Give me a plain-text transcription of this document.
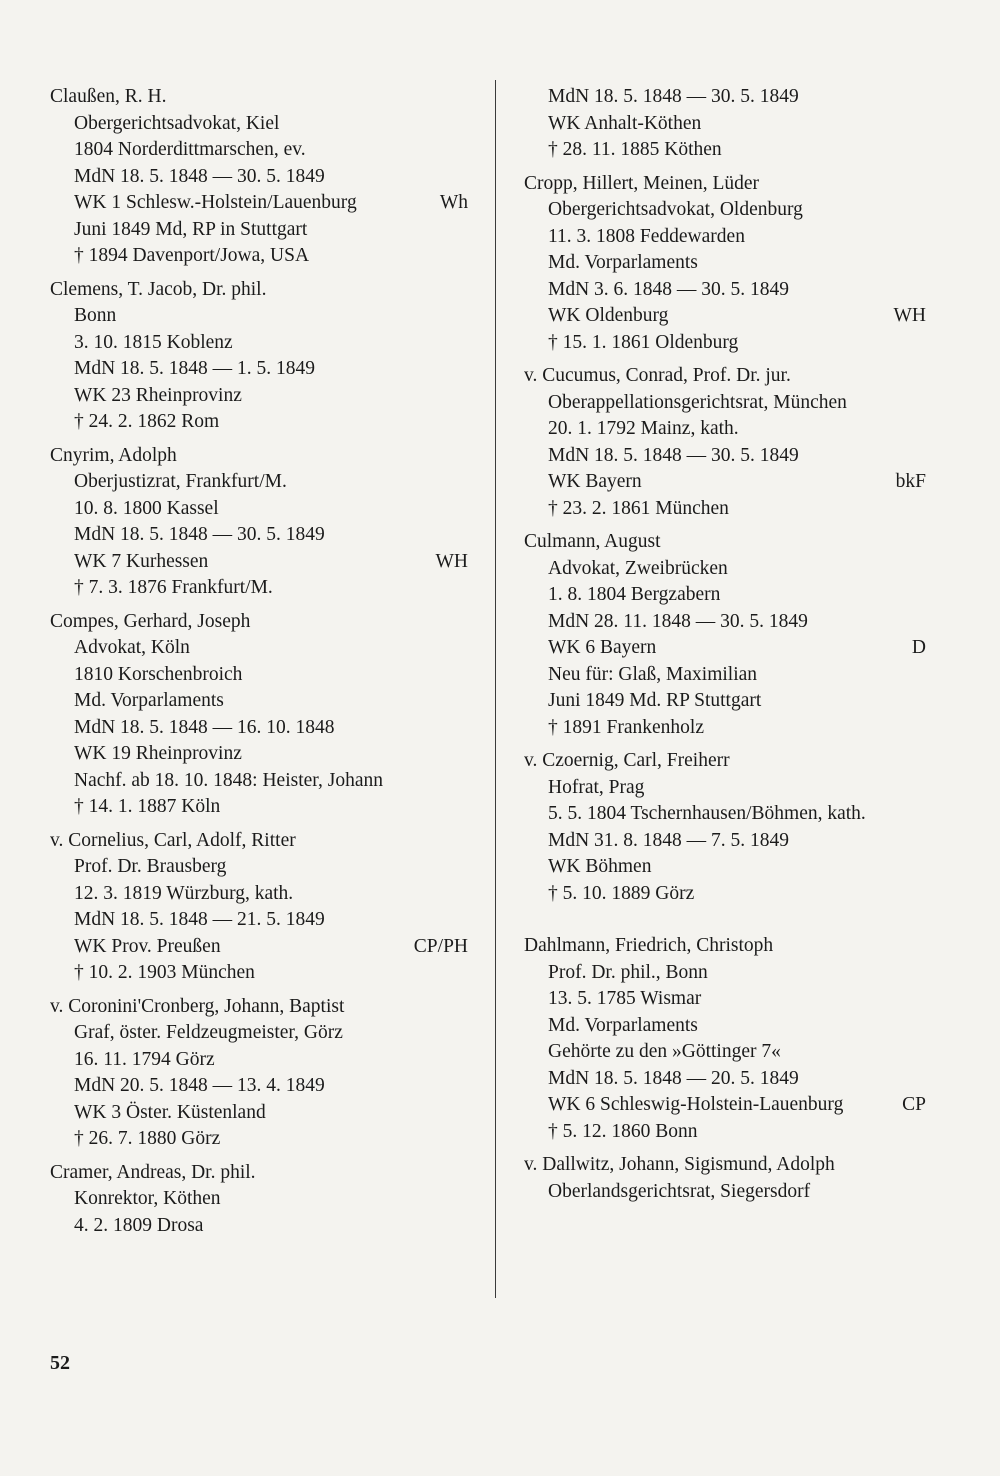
Claußen, R. H.
Obergerichtsadvokat, Kiel
1804 Norderdittmarschen, ev.
MdN 18. 5. 1848 — 30. 5. 1849
WK 1 Schlesw.-Holstein/Lauenburg	Wh
Juni 1849 Md, RP in Stuttgart
† 1894 Davenport/Jowa, USA
Clemens, T. Jacob, Dr. phil.
Bonn
3. 10. 1815 Koblenz
MdN 18. 5. 1848 — 1. 5. 1849
WK 23 Rheinprovinz
† 24. 2. 1862 Rom
Cnyrim, Adolph
Oberjustizrat, Frankfurt/M.
10. 8. 1800 Kassel
MdN 18. 5. 1848 — 30. 5. 1849
WK 7 Kurhessen	WH
† 7. 3. 1876 Frankfurt/M.
Compes, Gerhard, Joseph
Advokat, Köln
1810 Korschenbroich
Md. Vorparlaments
MdN 18. 5. 1848 — 16. 10. 1848
WK 19 Rheinprovinz
Nachf. ab 18. 10. 1848: Heister, Johann
† 14. 1. 1887 Köln
v. Cornelius, Carl, Adolf, Ritter
Prof. Dr. Brausberg
12. 3. 1819 Würzburg, kath.
MdN 18. 5. 1848 — 21. 5. 1849
WK Prov. Preußen	CP/PH
† 10. 2. 1903 München
v. Coronini'Cronberg, Johann, Baptist
Graf, öster. Feldzeugmeister, Görz
16. 11. 1794 Görz
MdN 20. 5. 1848 — 13. 4. 1849
WK 3 Öster. Küstenland
† 26. 7. 1880 Görz
Cramer, Andreas, Dr. phil.
Konrektor, Köthen
4. 2. 1809 Drosa
MdN 18. 5. 1848 — 30. 5. 1849
WK Anhalt-Köthen
† 28. 11. 1885 Köthen
Cropp, Hillert, Meinen, Lüder
Obergerichtsadvokat, Oldenburg
11. 3. 1808 Feddewarden
Md. Vorparlaments
MdN 3. 6. 1848 — 30. 5. 1849
WK Oldenburg	WH
† 15. 1. 1861 Oldenburg
v. Cucumus, Conrad, Prof. Dr. jur.
Oberappellationsgerichtsrat, München
20. 1. 1792 Mainz, kath.
MdN 18. 5. 1848 — 30. 5. 1849
WK Bayern	bkF
† 23. 2. 1861 München
Culmann, August
Advokat, Zweibrücken
1. 8. 1804 Bergzabern
MdN 28. 11. 1848 — 30. 5. 1849
WK 6 Bayern	D
Neu für: Glaß, Maximilian
Juni 1849 Md. RP Stuttgart
† 1891 Frankenholz
v. Czoernig, Carl, Freiherr
Hofrat, Prag
5. 5. 1804 Tschernhausen/Böhmen, kath.
MdN 31. 8. 1848 — 7. 5. 1849
WK Böhmen
† 5. 10. 1889 Görz
Dahlmann, Friedrich, Christoph
Prof. Dr. phil., Bonn
13. 5. 1785 Wismar
Md. Vorparlaments
Gehörte zu den »Göttinger 7«
MdN 18. 5. 1848 — 20. 5. 1849
WK 6 Schleswig-Holstein-Lauenburg	CP
† 5. 12. 1860 Bonn
v. Dallwitz, Johann, Sigismund, Adolph
Oberlandsgerichtsrat, Siegersdorf
52
